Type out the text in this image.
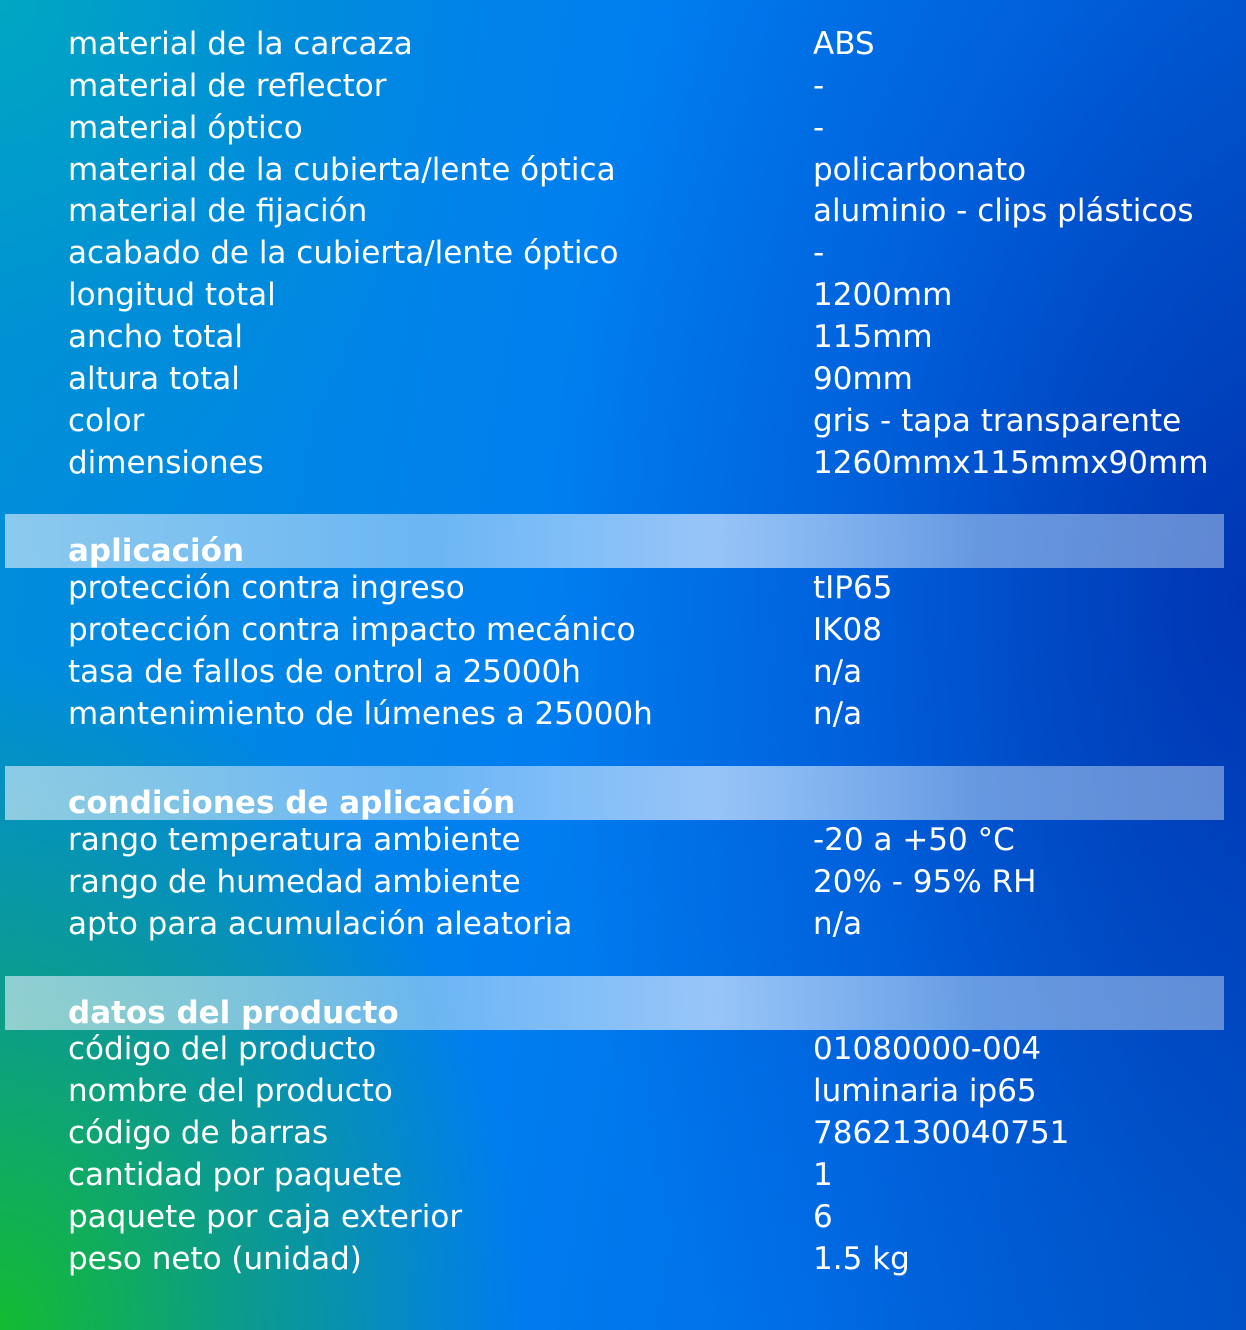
material de la carcaza	ABS
material de reflector	-
material óptico	-
material de la cubierta/lente óptica	policarbonato
material de fijación	aluminio - clips plásticos
acabado de la cubierta/lente óptico	-
longitud total	1200mm
ancho total	115mm
altura total	90mm
color	gris - tapa transparente
dimensiones	1260mmx115mmx90mm
aplicación
protección contra ingreso	tIP65
protección contra impacto mecánico	IK08
tasa de fallos de ontrol a 25000h	n/a
mantenimiento de lúmenes a 25000h	n/a
condiciones de aplicación
rango temperatura ambiente	-20 a +50 °C
rango de humedad ambiente	20% - 95% RH
apto para acumulación aleatoria	n/a
datos del producto
código del producto	01080000-004
nombre del producto	luminaria ip65
código de barras	7862130040751
cantidad por paquete	1
paquete por caja exterior	6
peso neto (unidad)	1.5 kg
